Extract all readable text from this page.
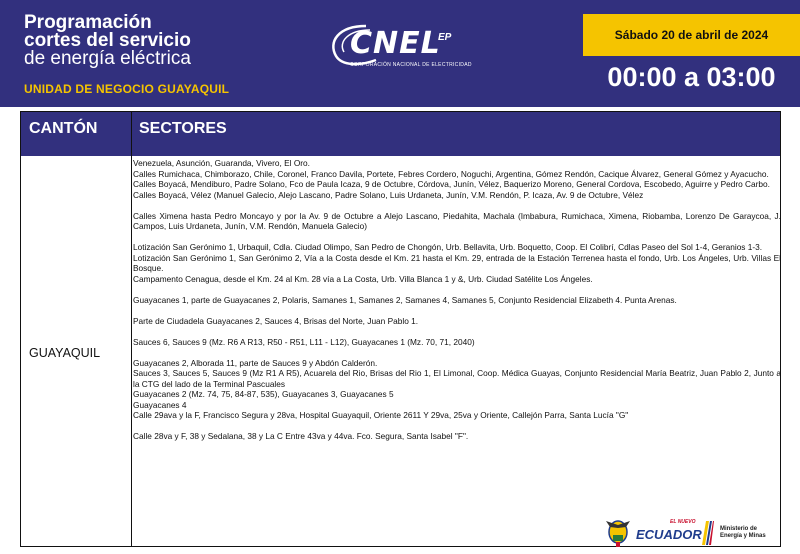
Programación
cortes del servicio
de energía eléctrica
UNIDAD DE NEGOCIO GUAYAQUIL
CNEL
EP
CORPORACIÓN NACIONAL DE ELECTRICIDAD
Sábado 20 de abril de 2024
00:00 a 03:00
CANTÓN	SECTORES
GUAYAQUIL

Venezuela, Asunción, Guaranda, Vivero, El Oro.

Calles Rumichaca, Chimborazo, Chile, Coronel, Franco Davila, Portete, Febres Cordero, Noguchi, Argentina, Gómez Rendón, Cacique Álvarez, General Gómez y Ayacucho.

Calles Boyacá, Mendiburo, Padre Solano, Fco de Paula Icaza, 9 de Octubre, Córdova, Junín, Vélez, Baquerizo Moreno, General Cordova, Escobedo, Aguirre y Pedro Carbo.

Calles Boyacá, Vélez (Manuel Galecio, Alejo Lascano, Padre Solano, Luis Urdaneta, Junín, V.M. Rendón, P. Icaza, Av. 9 de Octubre, Vélez

Calles Ximena hasta Pedro Moncayo y por la Av. 9 de Octubre a Alejo Lascano, Piedahita, Machala (Imbabura, Rumichaca, Ximena, Riobamba, Lorenzo De Garaycoa, J. Campos, Luis Urdaneta, Junín, V.M. Rendón, Manuela Galecio)

Lotización San Gerónimo 1, Urbaquil, Cdla. Ciudad Olimpo, San Pedro de Chongón, Urb. Bellavita, Urb. Boquetto, Coop. El Colibrí, Cdlas Paseo del Sol 1-4, Geranios 1-3.

Lotización San Gerónimo 1, San Gerónimo 2, Vía a la Costa desde el Km. 21 hasta el Km. 29, entrada de la Estación Terrenea hasta el fondo, Urb. Los Ángeles, Urb. Villas El Bosque.

Campamento Cenagua, desde el Km. 24 al Km. 28 vía a La Costa, Urb. Villa Blanca 1 y &, Urb. Ciudad Satélite Los Ángeles.

Guayacanes 1, parte de Guayacanes 2, Polaris, Samanes 1, Samanes 2, Samanes 4, Samanes 5, Conjunto Residencial Elizabeth 4. Punta Arenas.

Parte de Ciudadela Guayacanes 2, Sauces 4, Brisas del Norte, Juan Pablo 1.

Sauces 6, Sauces 9 (Mz. R6 A R13, R50 - R51, L11 - L12), Guayacanes 1 (Mz. 70, 71, 2040)

Guayacanes 2, Alborada 11, parte de Sauces 9 y Abdón Calderón.

Sauces 3, Sauces 5, Sauces 9 (Mz R1 A R5), Acuarela del Rio, Brisas del Rio 1, El Limonal, Coop. Médica Guayas, Conjunto Residencial María Beatriz, Juan Pablo 2, Junto a la CTG del lado de la Terminal Pascuales

Guayacanes 2 (Mz. 74, 75, 84-87, 535), Guayacanes 3, Guayacanes 5

Guayacanes 4

Calle 29ava y la F, Francisco Segura y 28va, Hospital Guayaquil, Oriente 2611 Y 29va, 25va y Oriente, Callejón Parra, Santa Lucía "G"

Calle 28va y F, 38 y Sedalana, 38 y La C Entre 43va y 44va. Fco. Segura, Santa Isabel "F".

EL NUEVO
ECUADOR	Ministerio de
Energía y Minas
